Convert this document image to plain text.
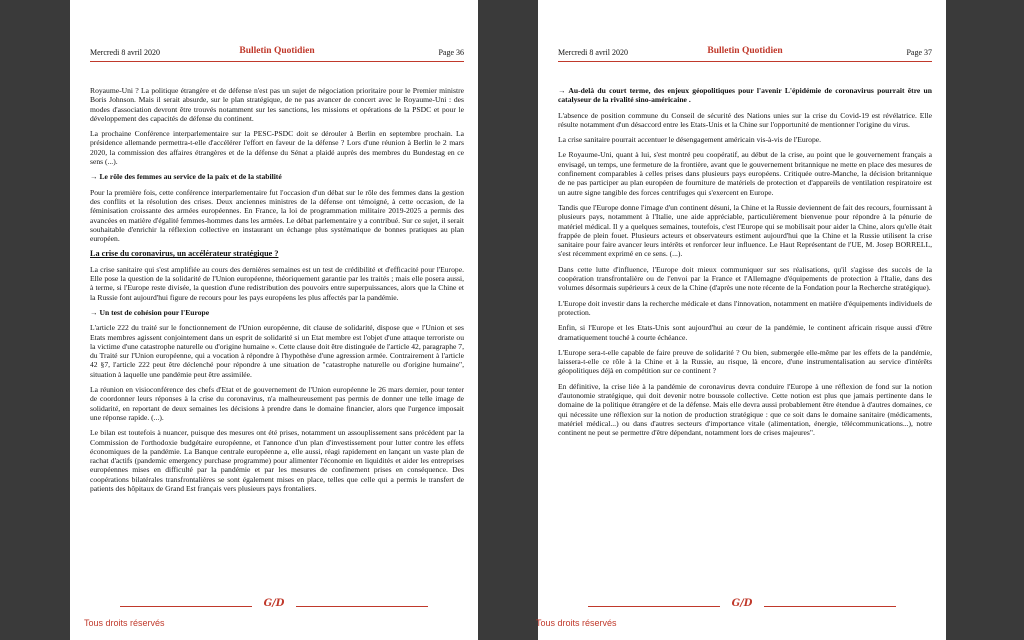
Mercredi 8 avril 2020	Bulletin Quotidien	Page 36

Royaume-Uni ? La politique étrangère et de défense n'est pas un sujet de négociation prioritaire pour le Premier ministre Boris Johnson. Mais il serait absurde, sur le plan stratégique, de ne pas avancer de concert avec le Royaume-Uni : des modes d'association devront être trouvés notamment sur les sanctions, les missions et opérations de la PSDC et pour le développement des capacités de défense du continent.

La prochaine Conférence interparlementaire sur la PESC-PSDC doit se dérouler à Berlin en septembre prochain. La présidence allemande permettra-t-elle d'accélérer l'effort en faveur de la défense ? Lors d'une réunion à Berlin le 2 mars 2020, la commission des affaires étrangères et de la défense du Sénat a plaidé auprès des membres du Bundestag en ce sens (...).

→ Le rôle des femmes au service de la paix et de la stabilité

Pour la première fois, cette conférence interparlementaire fut l'occasion d'un débat sur le rôle des femmes dans la gestion des conflits et la résolution des crises. Deux anciennes ministres de la défense ont témoigné, à cette occasion, de la féminisation croissante des armées européennes. En France, la loi de programmation militaire 2019-2025 a permis des avancées en matière d'égalité femmes-hommes dans les armées. Le débat parlementaire y a contribué. Sur ce sujet, il serait souhaitable d'enrichir la réflexion collective en instaurant un échange plus systématique de bonnes pratiques au plan européen.

La crise du coronavirus, un accélérateur stratégique ?

La crise sanitaire qui s'est amplifiée au cours des dernières semaines est un test de crédibilité et d'efficacité pour l'Europe. Elle pose la question de la solidarité de l'Union européenne, théoriquement garantie par les traités ; mais elle posera aussi, à terme, si l'Europe reste divisée, la question d'une redistribution des pouvoirs entre superpuissances, alors que la Chine et la Russie font aujourd'hui figure de recours pour les pays européens les plus affectés par la pandémie.

→ Un test de cohésion pour l'Europe

L'article 222 du traité sur le fonctionnement de l'Union européenne, dit clause de solidarité, dispose que « l'Union et ses Etats membres agissent conjointement dans un esprit de solidarité si un Etat membre est l'objet d'une attaque terroriste ou la victime d'une catastrophe naturelle ou d'origine humaine ». Cette clause doit être distinguée de l'article 42, paragraphe 7, du Traité sur l'Union européenne, qui a vocation à répondre à l'hypothèse d'une agression armée. Contrairement à l'article 42 §7, l'article 222 peut être déclenché pour répondre à une situation de "catastrophe naturelle ou d'origine humaine", situation à laquelle une pandémie peut être assimilée.

La réunion en visioconférence des chefs d'Etat et de gouvernement de l'Union européenne le 26 mars dernier, pour tenter de coordonner leurs réponses à la crise du coronavirus, n'a malheureusement pas permis de donner une telle image de solidarité, en reportant de deux semaines les décisions à prendre dans le domaine financier, alors que l'urgence imposait une réponse rapide. (...).

Le bilan est toutefois à nuancer, puisque des mesures ont été prises, notamment un assouplissement sans précédent par la Commission de l'orthodoxie budgétaire européenne, et l'annonce d'un plan d'investissement pour lutter contre les effets économiques de la pandémie. La Banque centrale européenne a, elle aussi, réagi rapidement en lançant un vaste plan de rachat d'actifs (pandemic emergency purchase programme) pour alimenter l'économie en liquidités et aider les entreprises européennes mises en difficulté par la pandémie et par les mesures de confinement prises en conséquence. Des coopérations bilatérales transfrontalières se sont également mises en place, telles que celle qui a permis le transfert de patients des hôpitaux de Grand Est français vers plusieurs pays frontaliers.

G/D
Tous droits réservés
Mercredi 8 avril 2020	Bulletin Quotidien	Page 37

→ Au-delà du court terme, des enjeux géopolitiques pour l'avenir L'épidémie de coronavirus pourrait être un catalyseur de la rivalité sino-américaine .

L'absence de position commune du Conseil de sécurité des Nations unies sur la crise du Covid-19 est révélatrice. Elle résulte notamment d'un désaccord entre les Etats-Unis et la Chine sur l'opportunité de mentionner l'origine du virus.

La crise sanitaire pourrait accentuer le désengagement américain vis-à-vis de l'Europe.

Le Royaume-Uni, quant à lui, s'est montré peu coopératif, au début de la crise, au point que le gouvernement français a envisagé, un temps, une fermeture de la frontière, avant que le gouvernement britannique ne mette en place des mesures de confinement comparables à celles prises dans plusieurs pays européens. Critiquée outre-Manche, la décision britannique de ne pas participer au plan européen de fourniture de matériels de protection et d'appareils de ventilation respiratoire est un autre signe tangible des forces centrifuges qui s'exercent en Europe.

Tandis que l'Europe donne l'image d'un continent désuni, la Chine et la Russie deviennent de fait des recours, fournissant à plusieurs pays, notamment à l'Italie, une aide appréciable, particulièrement bienvenue pour répondre à la pénurie de matériel médical. Il y a quelques semaines, toutefois, c'est l'Europe qui se mobilisait pour aider la Chine, alors qu'elle était frappée de plein fouet. Plusieurs acteurs et observateurs estiment aujourd'hui que la Chine et la Russie utilisent la crise sanitaire pour faire avancer leurs intérêts et renforcer leur influence. Le Haut Représentant de l'UE, M. Josep BORRELL, s'est récemment exprimé en ce sens. (...).

Dans cette lutte d'influence, l'Europe doit mieux communiquer sur ses réalisations, qu'il s'agisse des succès de la coopération transfrontalière ou de l'envoi par la France et l'Allemagne d'équipements de protection à l'Italie, dans des volumes désormais supérieurs à ceux de la Chine (d'après une note récente de la Fondation pour la Recherche stratégique).

L'Europe doit investir dans la recherche médicale et dans l'innovation, notamment en matière d'équipements individuels de protection.

Enfin, si l'Europe et les Etats-Unis sont aujourd'hui au cœur de la pandémie, le continent africain risque aussi d'être dramatiquement touché à courte échéance.

L'Europe sera-t-elle capable de faire preuve de solidarité ? Ou bien, submergée elle-même par les effets de la pandémie, laissera-t-elle ce rôle à la Chine et à la Russie, au risque, là encore, d'une instrumentalisation au service d'intérêts géopolitiques déjà en compétition sur ce continent ?

En définitive, la crise liée à la pandémie de coronavirus devra conduire l'Europe à une réflexion de fond sur la notion d'autonomie stratégique, qui doit devenir notre boussole collective. Cette notion est plus que jamais pertinente dans le domaine de la politique étrangère et de la défense. Mais elle devra aussi probablement être étendue à d'autres domaines, ce qui nécessite une réflexion sur la notion de production stratégique : que ce soit dans le domaine sanitaire (médicaments, matériel médical...) ou dans d'autres secteurs d'importance vitale (alimentation, énergie, télécommunications...), notre continent ne peut se permettre d'être dépendant, notamment lors de crises majeures".

G/D
Tous droits réservés
